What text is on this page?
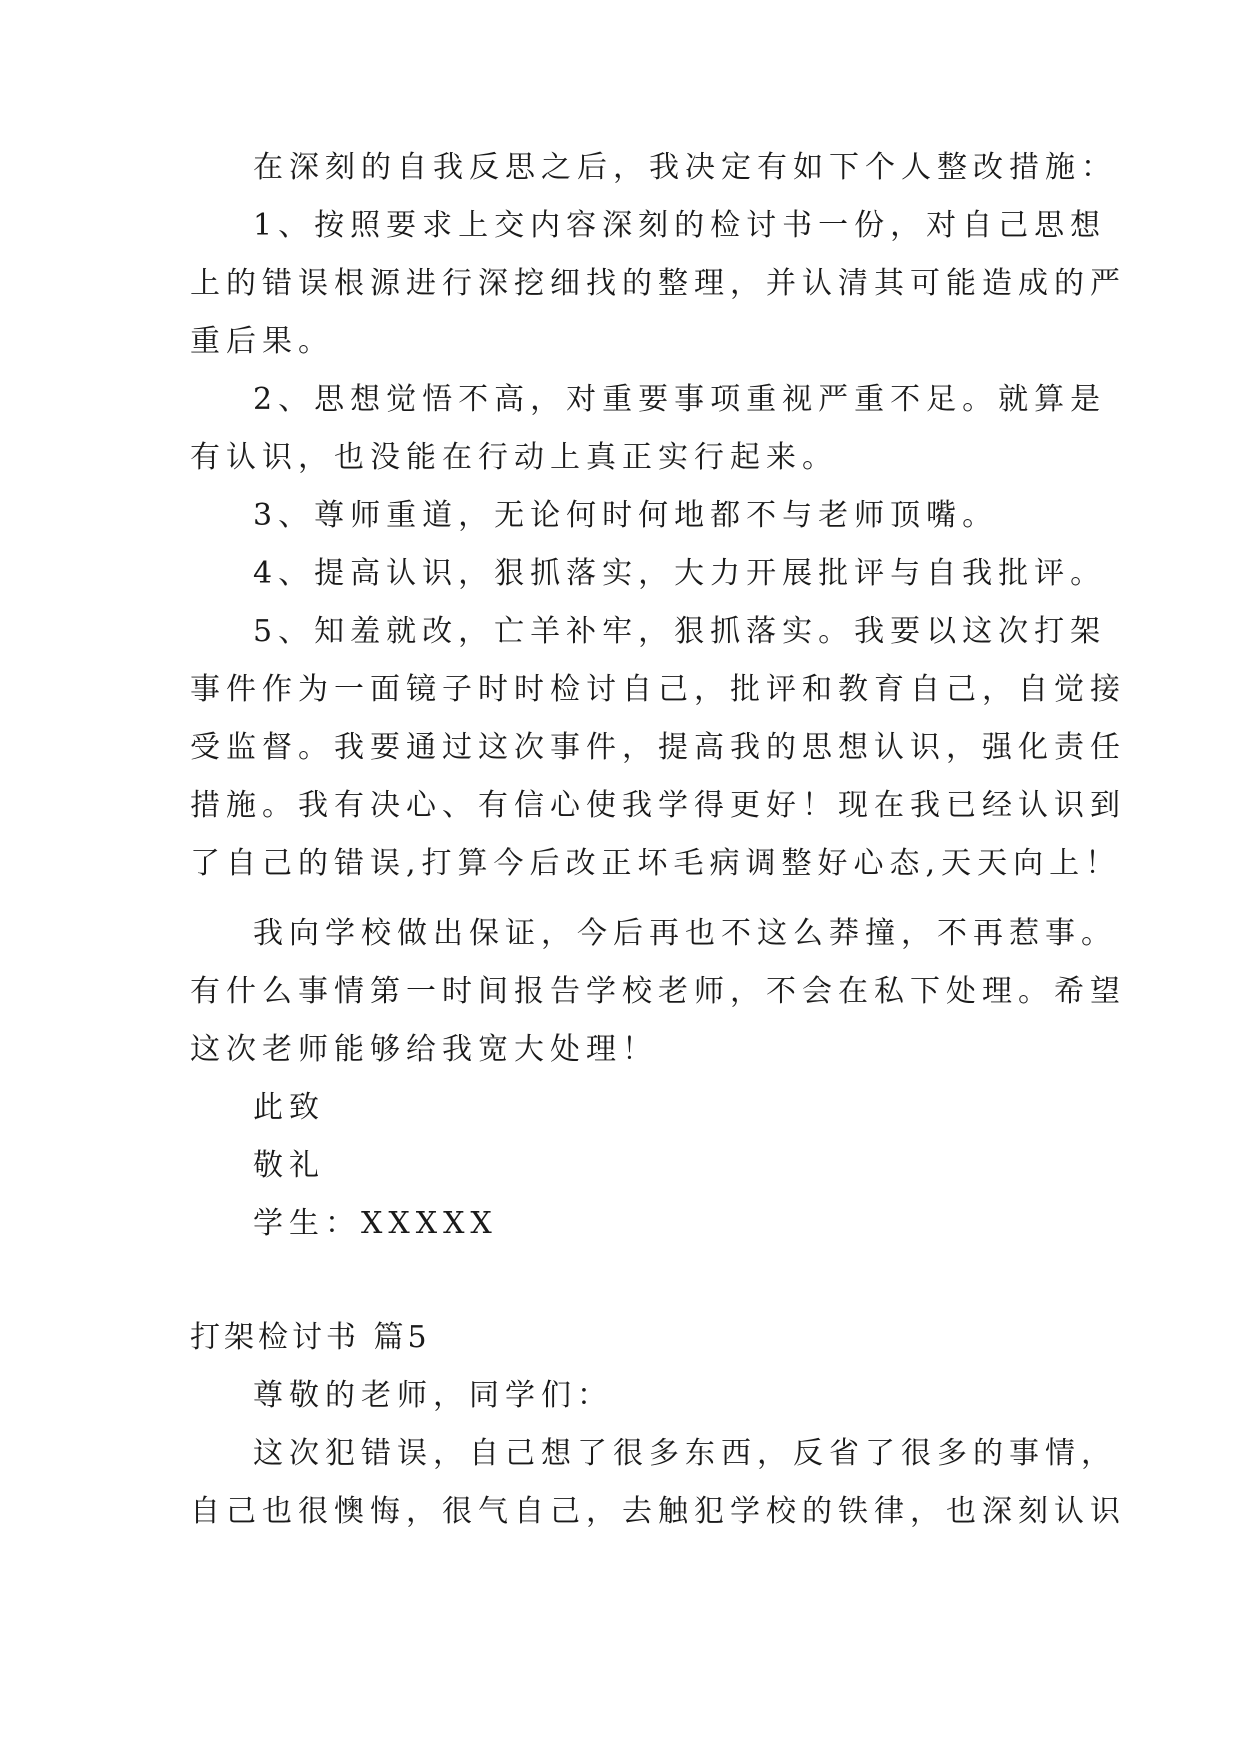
在深刻的自我反思之后，我决定有如下个人整改措施：
1、按照要求上交内容深刻的检讨书一份，对自己思想
上的错误根源进行深挖细找的整理，并认清其可能造成的严
重后果。
2、思想觉悟不高，对重要事项重视严重不足。就算是
有认识，也没能在行动上真正实行起来。
3、尊师重道，无论何时何地都不与老师顶嘴。
4、提高认识，狠抓落实，大力开展批评与自我批评。
5、知羞就改，亡羊补牢，狠抓落实。我要以这次打架
事件作为一面镜子时时检讨自己，批评和教育自己，自觉接
受监督。我要通过这次事件，提高我的思想认识，强化责任
措施。我有决心、有信心使我学得更好！现在我已经认识到
了自己的错误,打算今后改正坏毛病调整好心态,天天向上！
我向学校做出保证，今后再也不这么莽撞，不再惹事。
有什么事情第一时间报告学校老师，不会在私下处理。希望
这次老师能够给我宽大处理！
此致
敬礼
学生：XXXXX
打架检讨书 篇5
尊敬的老师，同学们：
这次犯错误，自己想了很多东西，反省了很多的事情，
自己也很懊悔，很气自己，去触犯学校的铁律，也深刻认识
